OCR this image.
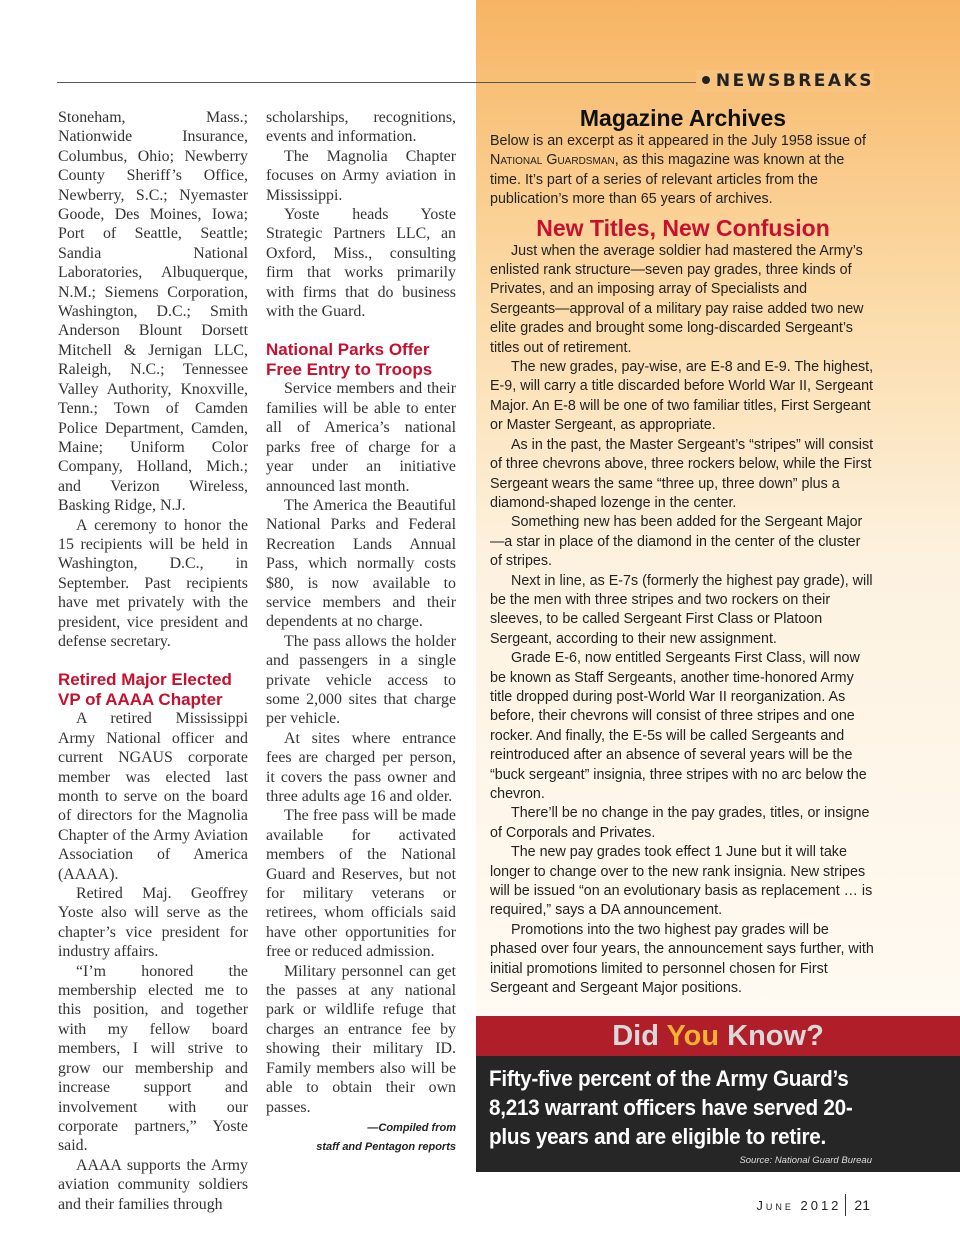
NEWSBREAKS

Stoneham, Mass.; Nationwide Insurance, Columbus, Ohio; Newberry County Sheriff’s Office, Newberry, S.C.; Nyemaster Goode, Des Moines, Iowa; Port of Seattle, Seattle; Sandia National Laboratories, Albuquerque, N.M.; Siemens Corporation, Washington, D.C.; Smith Anderson Blount Dorsett Mitchell & Jernigan LLC, Raleigh, N.C.; Tennessee Valley Authority, Knoxville, Tenn.; Town of Camden Police Department, Camden, Maine; Uniform Color Company, Holland, Mich.; and Verizon Wireless, Basking Ridge, N.J.

A ceremony to honor the 15 recipients will be held in Washington, D.C., in September. Past recipients have met privately with the president, vice president and defense secretary.

Retired Major Elected VP of AAAA Chapter

A retired Mississippi Army National officer and current NGAUS corporate member was elected last month to serve on the board of directors for the Magnolia Chapter of the Army Aviation Association of America (AAAA).

Retired Maj. Geoffrey Yoste also will serve as the chapter’s vice president for industry affairs.

“I’m honored the membership elected me to this position, and together with my fellow board members, I will strive to grow our membership and increase support and involvement with our corporate partners,” Yoste said.

AAAA supports the Army aviation community soldiers and their families through

scholarships, recognitions, events and information.

The Magnolia Chapter focuses on Army aviation in Mississippi.

Yoste heads Yoste Strategic Partners LLC, an Oxford, Miss., consulting firm that works primarily with firms that do business with the Guard.

National Parks Offer Free Entry to Troops

Service members and their families will be able to enter all of America’s national parks free of charge for a year under an initiative announced last month.

The America the Beautiful National Parks and Federal Recreation Lands Annual Pass, which normally costs $80, is now available to service members and their dependents at no charge.

The pass allows the holder and passengers in a single private vehicle access to some 2,000 sites that charge per vehicle.

At sites where entrance fees are charged per person, it covers the pass owner and three adults age 16 and older.

The free pass will be made available for activated members of the National Guard and Reserves, but not for military veterans or retirees, whom officials said have other opportunities for free or reduced admission.

Military personnel can get the passes at any national park or wildlife refuge that charges an entrance fee by showing their military ID. Family members also will be able to obtain their own passes.

—Compiled from
staff and Pentagon reports
Magazine Archives

Below is an excerpt as it appeared in the July 1958 issue of National Guardsman, as this magazine was known at the time. It’s part of a series of relevant articles from the publication’s more than 65 years of archives.

New Titles, New Confusion

Just when the average soldier had mastered the Army’s enlisted rank structure—seven pay grades, three kinds of Privates, and an imposing array of Specialists and Sergeants—approval of a military pay raise added two new elite grades and brought some long-discarded Sergeant’s titles out of retirement.

The new grades, pay-wise, are E-8 and E-9. The highest, E-9, will carry a title discarded before World War II, Sergeant Major. An E-8 will be one of two familiar titles, First Sergeant or Master Sergeant, as appropriate.

As in the past, the Master Sergeant’s “stripes” will consist of three chevrons above, three rockers below, while the First Sergeant wears the same “three up, three down” plus a diamond-shaped lozenge in the center.

Something new has been added for the Sergeant Major—a star in place of the diamond in the center of the cluster of stripes.

Next in line, as E-7s (formerly the highest pay grade), will be the men with three stripes and two rockers on their sleeves, to be called Sergeant First Class or Platoon Sergeant, according to their new assignment.

Grade E-6, now entitled Sergeants First Class, will now be known as Staff Sergeants, another time-honored Army title dropped during post-World War II reorganization. As before, their chevrons will consist of three stripes and one rocker. And finally, the E-5s will be called Sergeants and reintroduced after an absence of several years will be the “buck sergeant” insignia, three stripes with no arc below the chevron.

There’ll be no change in the pay grades, titles, or insigne of Corporals and Privates.

The new pay grades took effect 1 June but it will take longer to change over to the new rank insignia. New stripes will be issued “on an evolutionary basis as replacement … is required,” says a DA announcement.

Promotions into the two highest pay grades will be phased over four years, the announcement says further, with initial promotions limited to personnel chosen for First Sergeant and Sergeant Major positions.

Did You Know?
Fifty-five percent of the Army Guard’s 8,213 warrant officers have served 20-plus years and are eligible to retire.
Source: National Guard Bureau
June 2012 21
